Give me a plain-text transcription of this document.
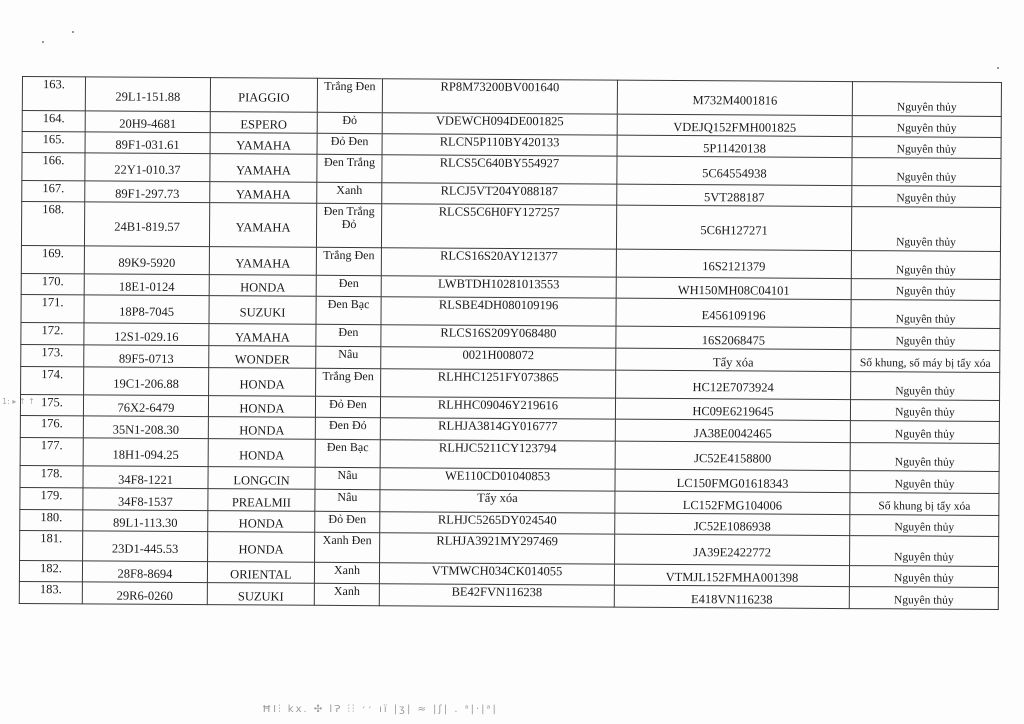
1: ▸ ↑ ↑
163.	29L1-151.88	PIAGGIO	Trắng Đen	RP8M73200BV001640	M732M4001816	Nguyên thủy
164.	20H9-4681	ESPERO	Đỏ	VDEWCH094DE001825	VDEJQ152FMH001825	Nguyên thủy
165.	89F1-031.61	YAMAHA	Đỏ Đen	RLCN5P110BY420133	5P11420138	Nguyên thủy
166.	22Y1-010.37	YAMAHA	Đen Trắng	RLCS5C640BY554927	5C64554938	Nguyên thủy
167.	89F1-297.73	YAMAHA	Xanh	RLCJ5VT204Y088187	5VT288187	Nguyên thủy
168.	24B1-819.57	YAMAHA	Đen Trắng Đỏ	RLCS5C6H0FY127257	5C6H127271	Nguyên thủy
169.	89K9-5920	YAMAHA	Trắng Đen	RLCS16S20AY121377	16S2121379	Nguyên thủy
170.	18E1-0124	HONDA	Đen	LWBTDH10281013553	WH150MH08C04101	Nguyên thủy
171.	18P8-7045	SUZUKI	Đen Bạc	RLSBE4DH080109196	E456109196	Nguyên thủy
172.	12S1-029.16	YAMAHA	Đen	RLCS16S209Y068480	16S2068475	Nguyên thủy
173.	89F5-0713	WONDER	Nâu	0021H008072	Tẩy xóa	Số khung, số máy bị tẩy xóa
174.	19C1-206.88	HONDA	Trắng Đen	RLHHC1251FY073865	HC12E7073924	Nguyên thủy
175.	76X2-6479	HONDA	Đỏ Đen	RLHHC09046Y219616	HC09E6219645	Nguyên thủy
176.	35N1-208.30	HONDA	Đen Đỏ	RLHJA3814GY016777	JA38E0042465	Nguyên thủy
177.	18H1-094.25	HONDA	Đen Bạc	RLHJC5211CY123794	JC52E4158800	Nguyên thủy
178.	34F8-1221	LONGCIN	Nâu	WE110CD01040853	LC150FMG01618343	Nguyên thủy
179.	34F8-1537	PREALMII	Nâu	Tẩy xóa	LC152FMG104006	Số khung bị tẩy xóa
180.	89L1-113.30	HONDA	Đỏ Đen	RLHJC5265DY024540	JC52E1086938	Nguyên thủy
181.	23D1-445.53	HONDA	Xanh Đen	RLHJA3921MY297469	JA39E2422772	Nguyên thủy
182.	28F8-8694	ORIENTAL	Xanh	VTMWCH034CK014055	VTMJL152FMHA001398	Nguyên thủy
183.	29R6-0260	SUZUKI	Xanh	BE42FVN116238	E418VN116238	Nguyên thủy
ĦI⫶ kx. ✣ lɁ ⫶⫶ ׳׳ ıı̈ |ʒ| ≈ |ʃ| . ᵃ|·|ᵃ|
